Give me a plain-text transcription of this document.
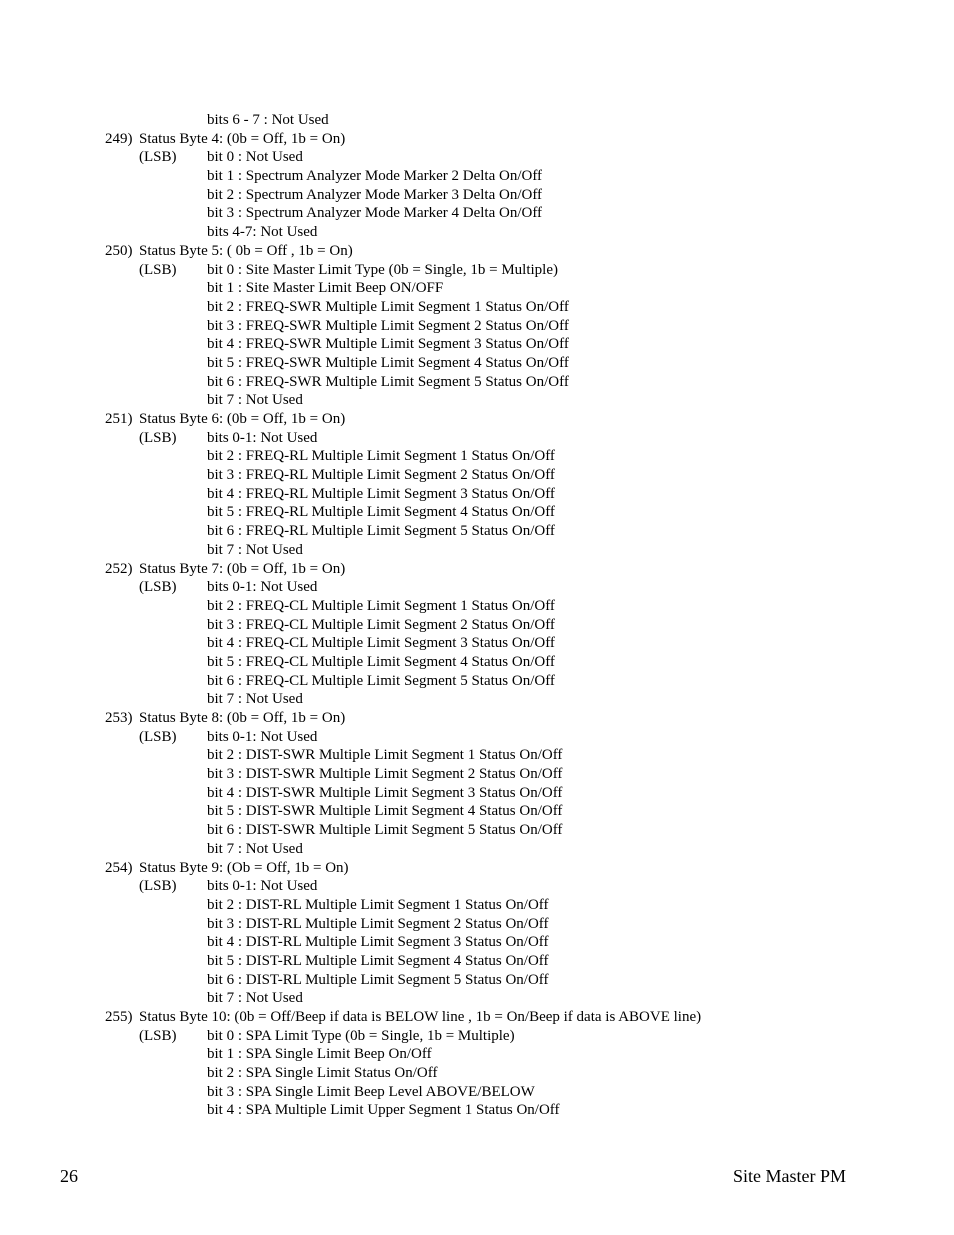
bits 6 - 7 : Not Used
249) Status Byte 4: (0b = Off, 1b = On)
(LSB) bit 0 : Not Used
bit 1 : Spectrum Analyzer Mode Marker 2 Delta On/Off
bit 2 : Spectrum Analyzer Mode Marker 3 Delta On/Off
bit 3 : Spectrum Analyzer Mode Marker 4 Delta On/Off
bits 4-7: Not Used
250) Status Byte 5: ( 0b = Off , 1b = On)
(LSB) bit 0 : Site Master Limit Type (0b = Single, 1b = Multiple)
bit 1 : Site Master Limit Beep ON/OFF
bit 2 : FREQ-SWR Multiple Limit Segment 1 Status On/Off
bit 3 : FREQ-SWR Multiple Limit Segment 2 Status On/Off
bit 4 : FREQ-SWR Multiple Limit Segment 3 Status On/Off
bit 5 : FREQ-SWR Multiple Limit Segment 4 Status On/Off
bit 6 : FREQ-SWR Multiple Limit Segment 5 Status On/Off
bit 7 : Not Used
251) Status Byte 6: (0b = Off, 1b = On)
(LSB) bits 0-1: Not Used
bit 2 : FREQ-RL Multiple Limit Segment 1 Status On/Off
bit 3 : FREQ-RL Multiple Limit Segment 2 Status On/Off
bit 4 : FREQ-RL Multiple Limit Segment 3 Status On/Off
bit 5 : FREQ-RL Multiple Limit Segment 4 Status On/Off
bit 6 : FREQ-RL Multiple Limit Segment 5 Status On/Off
bit 7 : Not Used
252) Status Byte 7: (0b = Off, 1b = On)
(LSB) bits 0-1: Not Used
bit 2 : FREQ-CL Multiple Limit Segment 1 Status On/Off
bit 3 : FREQ-CL Multiple Limit Segment 2 Status On/Off
bit 4 : FREQ-CL Multiple Limit Segment 3 Status On/Off
bit 5 : FREQ-CL Multiple Limit Segment 4 Status On/Off
bit 6 : FREQ-CL Multiple Limit Segment 5 Status On/Off
bit 7 : Not Used
253) Status Byte 8: (0b = Off, 1b = On)
(LSB) bits 0-1: Not Used
bit 2 : DIST-SWR Multiple Limit Segment 1 Status On/Off
bit 3 : DIST-SWR Multiple Limit Segment 2 Status On/Off
bit 4 : DIST-SWR Multiple Limit Segment 3 Status On/Off
bit 5 : DIST-SWR Multiple Limit Segment 4 Status On/Off
bit 6 : DIST-SWR Multiple Limit Segment 5 Status On/Off
bit 7 : Not Used
254) Status Byte 9: (Ob = Off, 1b = On)
(LSB) bits 0-1: Not Used
bit 2 : DIST-RL Multiple Limit Segment 1 Status On/Off
bit 3 : DIST-RL Multiple Limit Segment 2 Status On/Off
bit 4 : DIST-RL Multiple Limit Segment 3 Status On/Off
bit 5 : DIST-RL Multiple Limit Segment 4 Status On/Off
bit 6 : DIST-RL Multiple Limit Segment 5 Status On/Off
bit 7 : Not Used
255) Status Byte 10: (0b = Off/Beep if data is BELOW line , 1b = On/Beep if data is ABOVE line)
(LSB) bit 0 : SPA Limit Type (0b = Single, 1b = Multiple)
bit 1 : SPA Single Limit Beep On/Off
bit 2 : SPA Single Limit Status On/Off
bit 3 : SPA Single Limit Beep Level ABOVE/BELOW
bit 4 : SPA Multiple Limit Upper Segment 1 Status On/Off
26	Site Master PM
